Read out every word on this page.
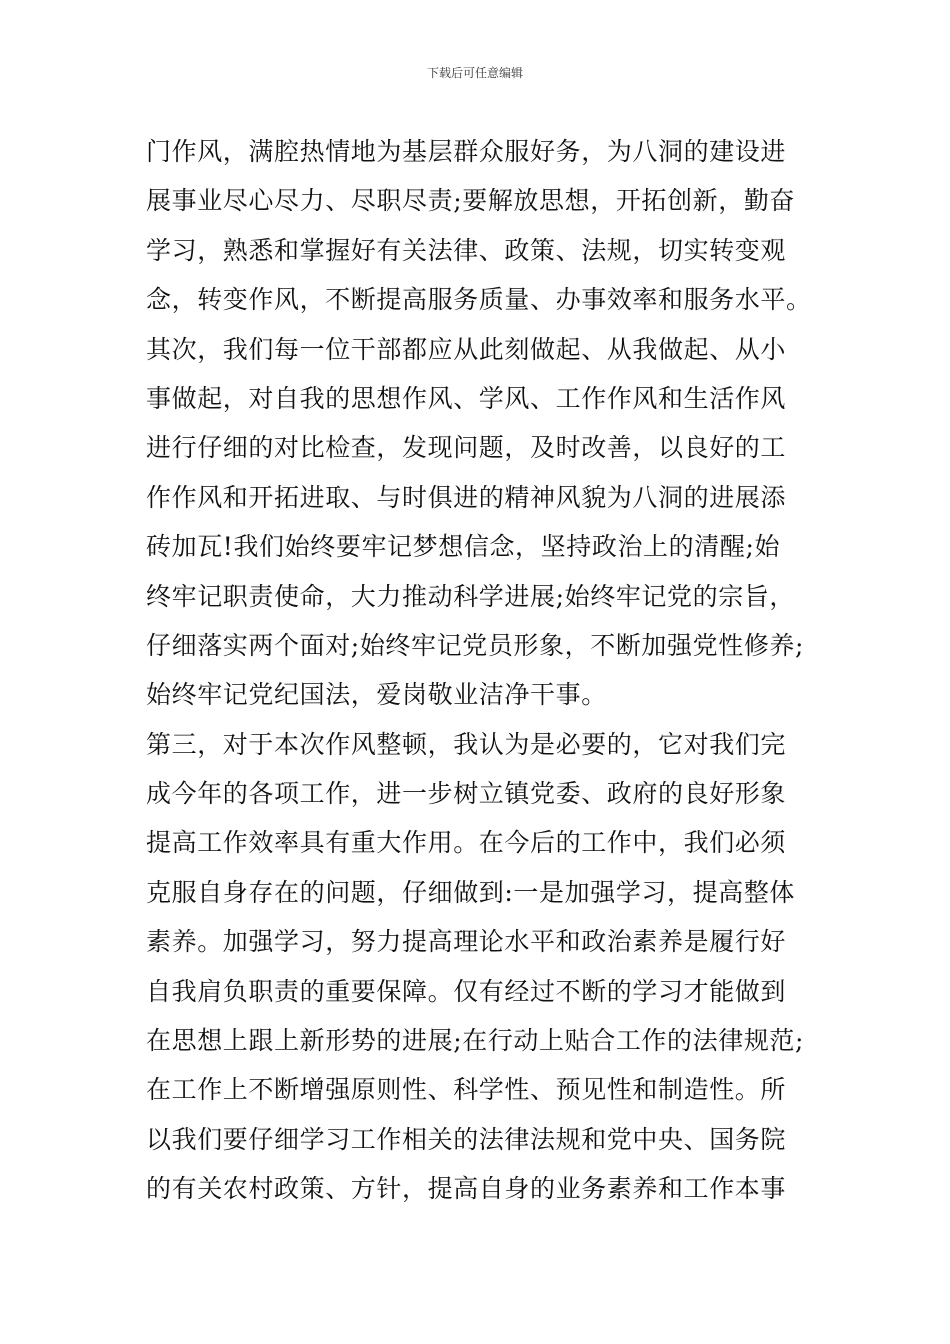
下载后可任意编辑
门作风，满腔热情地为基层群众服好务，为八洞的建设进
展事业尽心尽力、尽职尽责;要解放思想，开拓创新，勤奋
学习，熟悉和掌握好有关法律、政策、法规，切实转变观
念，转变作风，不断提高服务质量、办事效率和服务水平。
其次，我们每一位干部都应从此刻做起、从我做起、从小
事做起，对自我的思想作风、学风、工作作风和生活作风
进行仔细的对比检查，发现问题，及时改善，以良好的工
作作风和开拓进取、与时俱进的精神风貌为八洞的进展添
砖加瓦!我们始终要牢记梦想信念，坚持政治上的清醒;始
终牢记职责使命，大力推动科学进展;始终牢记党的宗旨，
仔细落实两个面对;始终牢记党员形象，不断加强党性修养;
始终牢记党纪国法，爱岗敬业洁净干事。
第三，对于本次作风整顿，我认为是必要的，它对我们完
成今年的各项工作，进一步树立镇党委、政府的良好形象
提高工作效率具有重大作用。在今后的工作中，我们必须
克服自身存在的问题，仔细做到:一是加强学习，提高整体
素养。加强学习，努力提高理论水平和政治素养是履行好
自我肩负职责的重要保障。仅有经过不断的学习才能做到
在思想上跟上新形势的进展;在行动上贴合工作的法律规范;
在工作上不断增强原则性、科学性、预见性和制造性。所
以我们要仔细学习工作相关的法律法规和党中央、国务院
的有关农村政策、方针，提高自身的业务素养和工作本事
